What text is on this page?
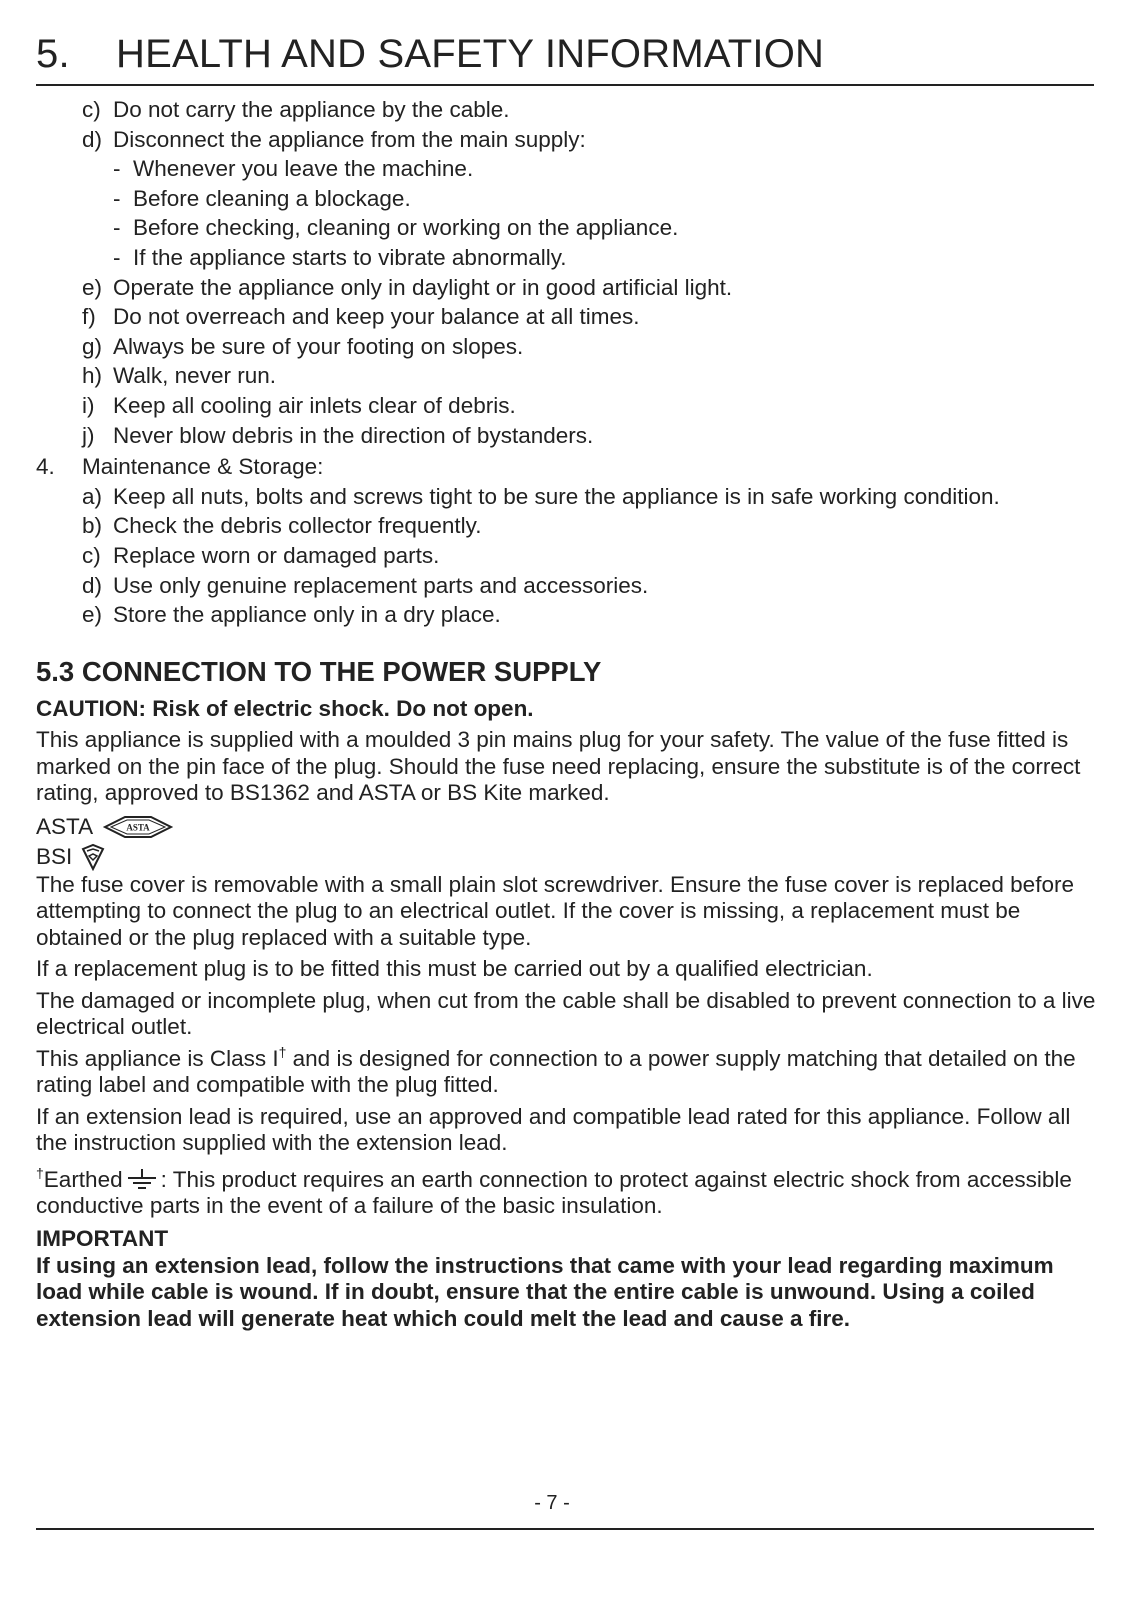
5. HEALTH AND SAFETY INFORMATION
c) Do not carry the appliance by the cable.
d) Disconnect the appliance from the main supply:
- Whenever you leave the machine.
- Before cleaning a blockage.
- Before checking, cleaning or working on the appliance.
- If the appliance starts to vibrate abnormally.
e) Operate the appliance only in daylight or in good artificial light.
f) Do not overreach and keep your balance at all times.
g) Always be sure of your footing on slopes.
h) Walk, never run.
i) Keep all cooling air inlets clear of debris.
j) Never blow debris in the direction of bystanders.
4. Maintenance & Storage:
a) Keep all nuts, bolts and screws tight to be sure the appliance is in safe working condition.
b) Check the debris collector frequently.
c) Replace worn or damaged parts.
d) Use only genuine replacement parts and accessories.
e) Store the appliance only in a dry place.
5.3 CONNECTION TO THE POWER SUPPLY
CAUTION: Risk of electric shock. Do not open.
This appliance is supplied with a moulded 3 pin mains plug for your safety. The value of the fuse fitted is marked on the pin face of the plug. Should the fuse need replacing, ensure the substitute is of the correct rating, approved to BS1362 and ASTA or BS Kite marked.
ASTA	ASTA
BSI
The fuse cover is removable with a small plain slot screwdriver. Ensure the fuse cover is replaced before attempting to connect the plug to an electrical outlet. If the cover is missing, a replacement must be obtained or the plug replaced with a suitable type.
If a replacement plug is to be fitted this must be carried out by a qualified electrician.
The damaged or incomplete plug, when cut from the cable shall be disabled to prevent connection to a live electrical outlet.
This appliance is Class I† and is designed for connection to a power supply matching that detailed on the rating label and compatible with the plug fitted.
If an extension lead is required, use an approved and compatible lead rated for this appliance. Follow all the instruction supplied with the extension lead.
†Earthed : This product requires an earth connection to protect against electric shock from accessible conductive parts in the event of a failure of the basic insulation.
IMPORTANT
If using an extension lead, follow the instructions that came with your lead regarding maximum load while cable is wound. If in doubt, ensure that the entire cable is unwound. Using a coiled extension lead will generate heat which could melt the lead and cause a fire.
- 7 -
